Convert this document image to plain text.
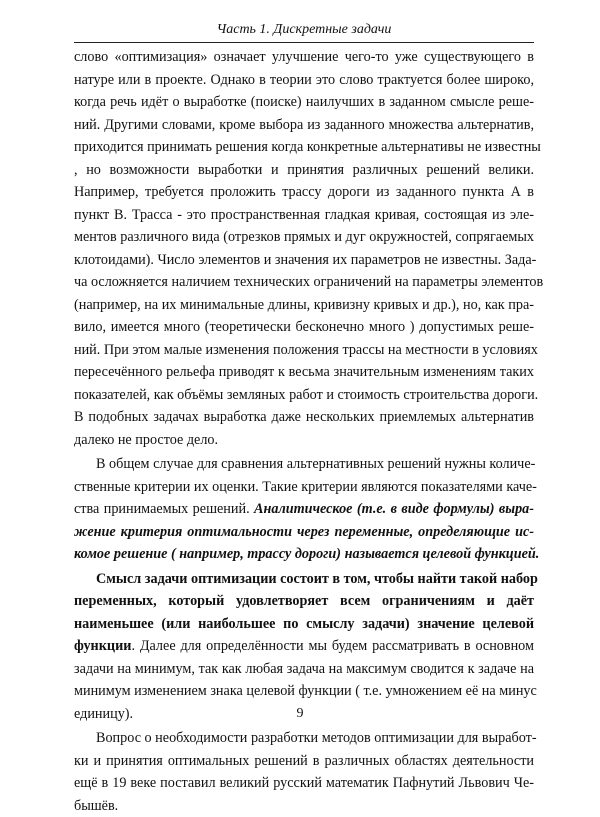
Часть 1. Дискретные задачи
слово «оптимизация» означает улучшение чего-то уже существующего в
натуре или в проекте. Однако в теории это слово трактуется более широко,
когда речь идёт о выработке (поиске) наилучших в заданном смысле реше-
ний. Другими словами, кроме выбора из заданного множества альтернатив,
приходится принимать решения когда конкретные альтернативы не известны
, но возможности выработки и принятия различных решений велики.
Например, требуется проложить трассу дороги из заданного пункта А в
пункт В. Трасса - это пространственная гладкая кривая, состоящая из эле-
ментов различного вида (отрезков прямых и дуг окружностей, сопрягаемых
клотоидами). Число элементов и значения их параметров не известны. Зада-
ча осложняется наличием технических ограничений на параметры элементов
(например, на их минимальные длины, кривизну кривых и др.), но, как пра-
вило, имеется много (теоретически бесконечно много ) допустимых реше-
ний. При этом малые изменения положения трассы на местности в условиях
пересечённого рельефа приводят к весьма значительным изменениям таких
показателей, как объёмы земляных работ и стоимость строительства дороги.
В подобных задачах выработка даже нескольких приемлемых альтернатив
далеко не простое дело.
В общем случае для сравнения альтернативных решений нужны количе-
ственные критерии их оценки. Такие критерии являются показателями каче-
ства принимаемых решений. Аналитическое (т.е. в виде формулы) выра-
жение критерия оптимальности через переменные, определяющие ис-
комое решение ( например, трассу дороги) называется целевой функцией.
Смысл задачи оптимизации состоит в том, чтобы найти такой набор
переменных, который удовлетворяет всем ограничениям и даёт
наименьшее (или наибольшее по смыслу задачи) значение целевой
функции. Далее для определённости мы будем рассматривать в основном
задачи на минимум, так как любая задача на максимум сводится к задаче на
минимум изменением знака целевой функции ( т.е. умножением её на минус
единицу).
Вопрос о необходимости разработки методов оптимизации для выработ-
ки и принятия оптимальных решений в различных областях деятельности
ещё в 19 веке поставил великий русский математик Пафнутий Львович Че-
бышёв.
9
